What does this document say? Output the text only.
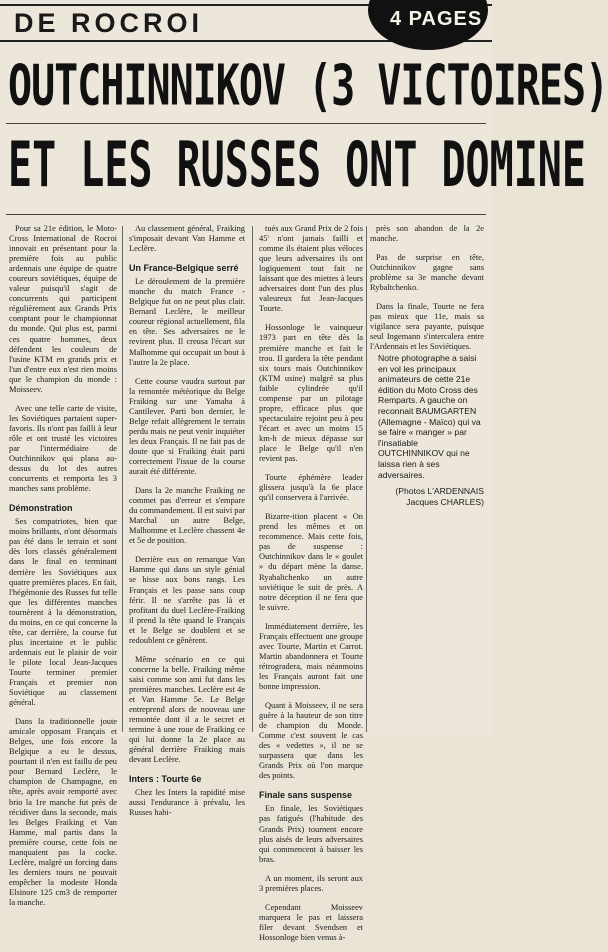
DE ROCROI	4 PAGES
OUTCHINNIKOV (3 VICTOIRES)
ET LES RUSSES ONT DOMINE

Pour sa 21e édition, le Moto-Cross International de Rocroi innovait en présentant pour la première fois au public ardennais une équipe de quatre coureurs soviétiques, équipe de valeur puisqu'il s'agit de concurrents qui participent régulièrement aux Grands Prix comptant pour le championnat du monde. Qui plus est, parmi ces quatre hommes, deux défendent les couleurs de l'usine KTM en grands prix et l'un d'entre eux n'est rien moins que le champion du monde : Moisseev.

Avec une telle carte de visite, les Soviétiques partaient super-favoris. Ils n'ont pas failli à leur rôle et ont trusté les victoires par l'intermédiaire de Outchinnikov qui plana au-dessus du lot des autres concurrents et remporta les 3 manches sans problème.

Démonstration

Ses compatriotes, bien que moins brillants, n'ont désormais pas été dans le terrain et sont dès lors classés généralement dans le final en terminant derrière les Soviétiques aux quatre premières places. En fait, l'hégémonie des Russes fut telle que les différentes manches tournèrent à la démonstration, du moins, en ce qui concerne la tête, car derrière, la course fut plus incertaine et le public ardennais eut le plaisir de voir le pilote local Jean-Jacques Tourte terminer premier Français et premier non Soviétique au classement général.

Dans la traditionnelle joute amicale opposant Français et Belges, une fois encore la Belgique a eu le dessus, pourtant il n'en est faillu de peu pour Bernard Leclère, le champion de Champagne, en tête, après avoir remporté avec brio la 1re manche fut près de récidiver dans la seconde, mais les Belges Fraiking et Van Hamme, mal partis dans la première course, cette fois ne manquaient pas la cocke. Leclère, malgré un forcing dans les derniers tours ne pouvait empêcher la modeste Honda Elsinore 125 cm3 de remporter la manche.

Au classement général, Fraiking s'imposait devant Van Hamme et Leclère.

Un France-Belgique serré

Le déroulement de la première manche du match France - Belgique fut on ne peut plus clair. Bernard Leclère, le meilleur coureur régional actuellement, fila en tête. Ses adversaires ne le revirent plus. Il creusa l'écart sur Malhomme qui occupait un bout à l'autre la 2e place.

Cette course vaudra surtout par la remontée météorique du Belge Fraiking sur une Yamaha à Cantilever. Parti bon dernier, le Belge refait allègrement le terrain perdu mais ne peut venir inquiéter les deux Français. Il ne fait pas de doute que si Fraiking était parti correctement l'issue de la course aurait été différente.

Dans la 2e manche Fraiking ne commet pas d'erreur et s'empare du commandement. Il est suivi par Marchal un autre Belge, Malhomme et Leclère chassent 4e et 5e de position.

Derrière eux on remarque Van Hamme qui dans un style génial se hisse aux bons rangs. Les Français et les passe sans coup férir. Il ne s'arrête pas là et profitant du duel Leclère-Fraiking il prend la tête quand le Français et le Belge se doublent et se redoublent ce gênèrent.

Même scénario en ce qui concerne la belle. Fraiking même saisi comme son ami fut dans les premières manches. Leclère est 4e et Van Hamme 5e. Le Belge entreprend alors de nouveau une remontée dont il a le secret et termine à une roue de Fraiking ce qui lui donne la 2e place au général derrière Fraiking mais devant Leclère.

Inters : Tourte 6e

Chez les Inters la rapidité mise aussi l'endurance à prévalu, les Russes habi-

tués aux Grand Prix de 2 fois 45' n'ont jamais failli et comme ils étaient plus véloces que leurs adversaires ils ont logiquement tout fait ne laissant que des miettes à leurs adversaires dont l'un des plus valeureux fut Jean-Jacques Tourte.

Hossonloge le vainqueur 1973 part en tête dès la première manche et fait le trou. Il gardera la tête pendant six tours mais Outchinnikov (KTM usine) malgré sa plus faible cylindrée qu'il compense par un pilotage propre, efficace plus que spectaculaire rejoint peu à peu l'écart et avec un moins 15 km-h de mieux dépasse sur place le Belge qu'il n'en revient pas.

Tourte éphémère leader glissera jusqu'à la 6e place qu'il conservera à l'arrivée.

Bizarre-ition placent « On prend les mêmes et on recommence. Mais cette fois, pas de suspense : Outchinnikov dans le « goulet » du départ mène la danse. Ryabaltchenko un autre soviétique le suit de près. A notre déception il ne fera que le suivre.

Immédiatement derrière, les Français effectuent une groupe avec Tourte, Martin et Carrot. Martin abandonnera et Tourte rétrogradera, mais néanmoins les Français auront fait une bonne impression.

Quant à Moisseev, il ne sera guère à la hauteur de son titre de champion du Monde. Comme c'est souvent le cas des « vedettes », il ne se surpassera que dans les Grands Prix où l'on marque des points.

Finale sans suspense

En finale, les Soviétiques pas fatigués (l'habitude des Grands Prix) tournent encore plus aisés de leurs adversaires qui commencent à baisser les bras.

A un moment, ils seront aux 3 premières places.

Cependant Moisseev marquera le pas et laissera filer devant Svendsen et Hossonloge bien venus à-

près son abandon de la 2e manche.

Pas de surprise en tête, Outchinnikov gagne sans problème sa 3e manche devant Rybaltchenko.

Dans la finale, Tourte ne fera pas mieux que 11e, mais sa vigilance sera payante, puisque seul Ingemann s'intercalera entre l'Ardennais et les Soviétiques.

Notre photographe a saisi en vol les principaux animateurs de cette 21e édition du Moto Cross des Remparts. A gauche on reconnait BAUMGARTEN (Allemagne - Maïco) qui va se faire « manger » par l'insatiable OUTCHINNIKOV qui ne laissa rien à ses adversaires.
(Photos L'ARDENNAIS Jacques CHARLES)
